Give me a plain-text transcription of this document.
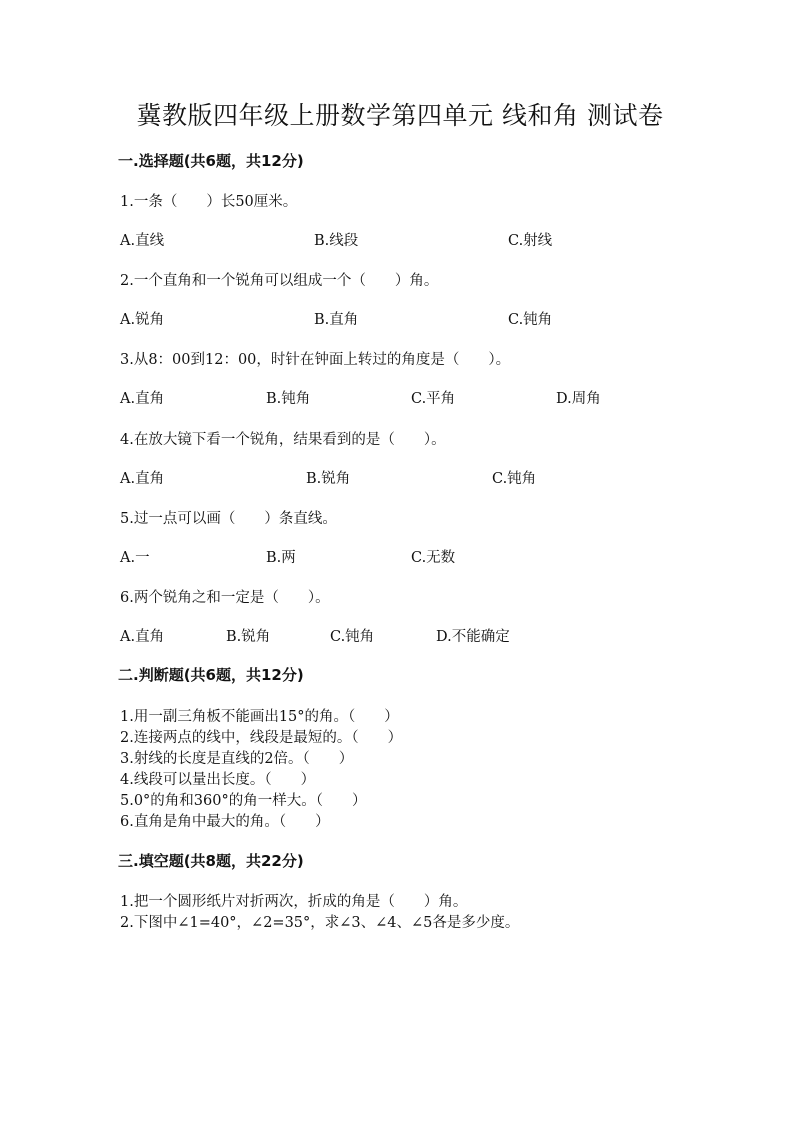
冀教版四年级上册数学第四单元 线和角 测试卷
一.选择题(共6题，共12分)
1.一条（　　）长50厘米。
A.直线	B.线段	C.射线
2.一个直角和一个锐角可以组成一个（　　）角。
A.锐角	B.直角	C.钝角
3.从8：00到12：00，时针在钟面上转过的角度是（　　）。
A.直角	B.钝角	C.平角	D.周角
4.在放大镜下看一个锐角，结果看到的是（　　）。
A.直角	B.锐角	C.钝角
5.过一点可以画（　　）条直线。
A.一	B.两	C.无数
6.两个锐角之和一定是（　　）。
A.直角	B.锐角	C.钝角	D.不能确定
二.判断题(共6题，共12分)
1.用一副三角板不能画出15°的角。（　　）
2.连接两点的线中，线段是最短的。（　　）
3.射线的长度是直线的2倍。（　　）
4.线段可以量出长度。（　　）
5.0°的角和360°的角一样大。（　　）
6.直角是角中最大的角。（　　）
三.填空题(共8题，共22分)
1.把一个圆形纸片对折两次，折成的角是（　　）角。
2.下图中∠1=40°，∠2=35°，求∠3、∠4、∠5各是多少度。
